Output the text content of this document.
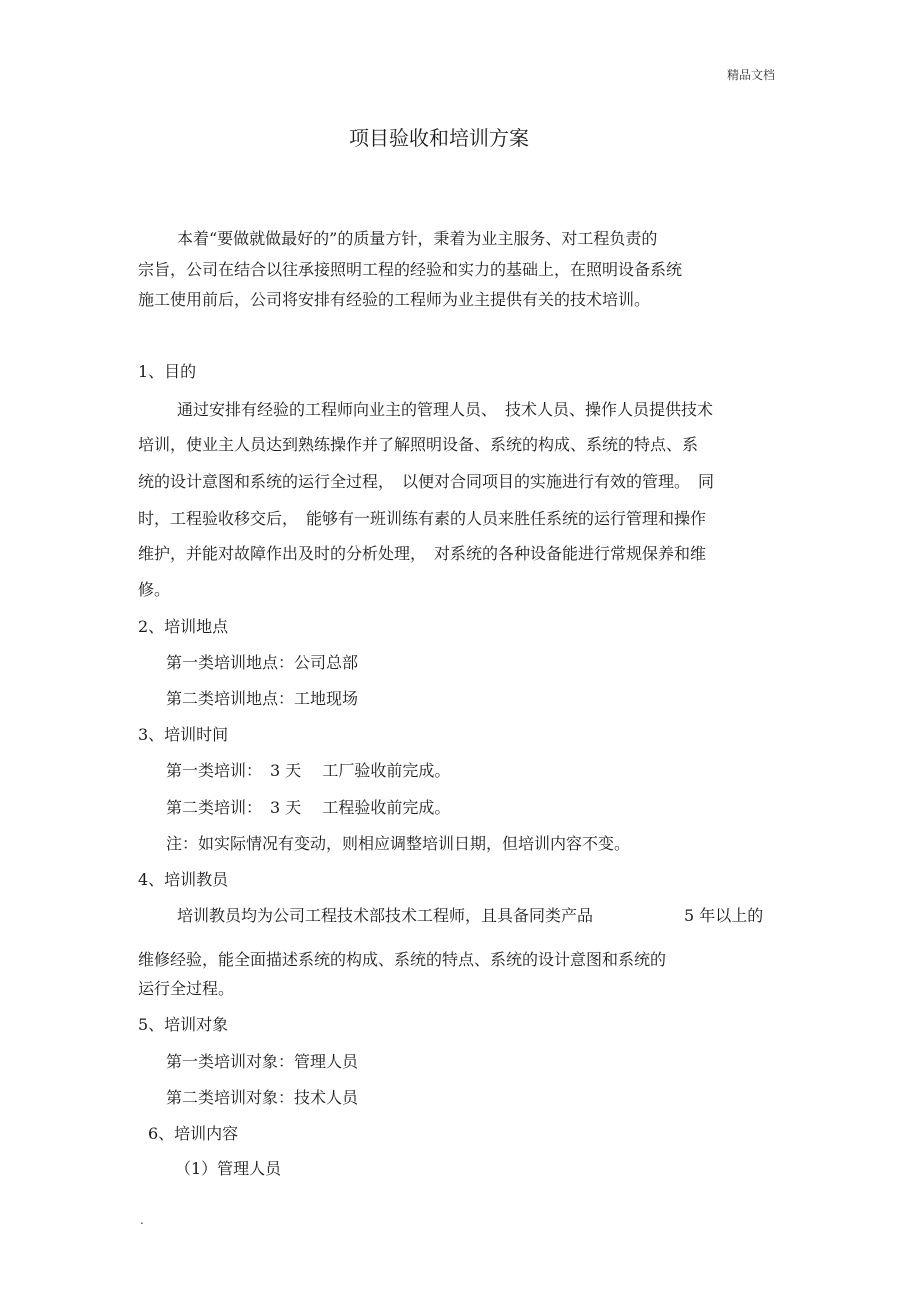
精品文档
项目验收和培训方案
本着“要做就做最好的”的质量方针，秉着为业主服务、对工程负责的
宗旨，公司在结合以往承接照明工程的经验和实力的基础上，在照明设备系统
施工使用前后，公司将安排有经验的工程师为业主提供有关的技术培训。
1、目的
通过安排有经验的工程师向业主的管理人员、　技术人员、操作人员提供技术
培训，使业主人员达到熟练操作并了解照明设备、系统的构成、系统的特点、系
统的设计意图和系统的运行全过程，　以便对合同项目的实施进行有效的管理。　同
时，工程验收移交后，　能够有一班训练有素的人员来胜任系统的运行管理和操作
维护，并能对故障作出及时的分析处理，　对系统的各种设备能进行常规保养和维
修。
2、培训地点
第一类培训地点：公司总部
第二类培训地点：工地现场
3、培训时间
第一类培训：　3 天　 工厂验收前完成。
第二类培训：　3 天　 工程验收前完成。
注：如实际情况有变动，则相应调整培训日期，但培训内容不变。
4、培训教员
培训教员均为公司工程技术部技术工程师，且具备同类产品	5 年以上的
维修经验，能全面描述系统的构成、系统的特点、系统的设计意图和系统的
运行全过程。
5、培训对象
第一类培训对象：管理人员
第二类培训对象：技术人员
6、培训内容
（1）管理人员
.
